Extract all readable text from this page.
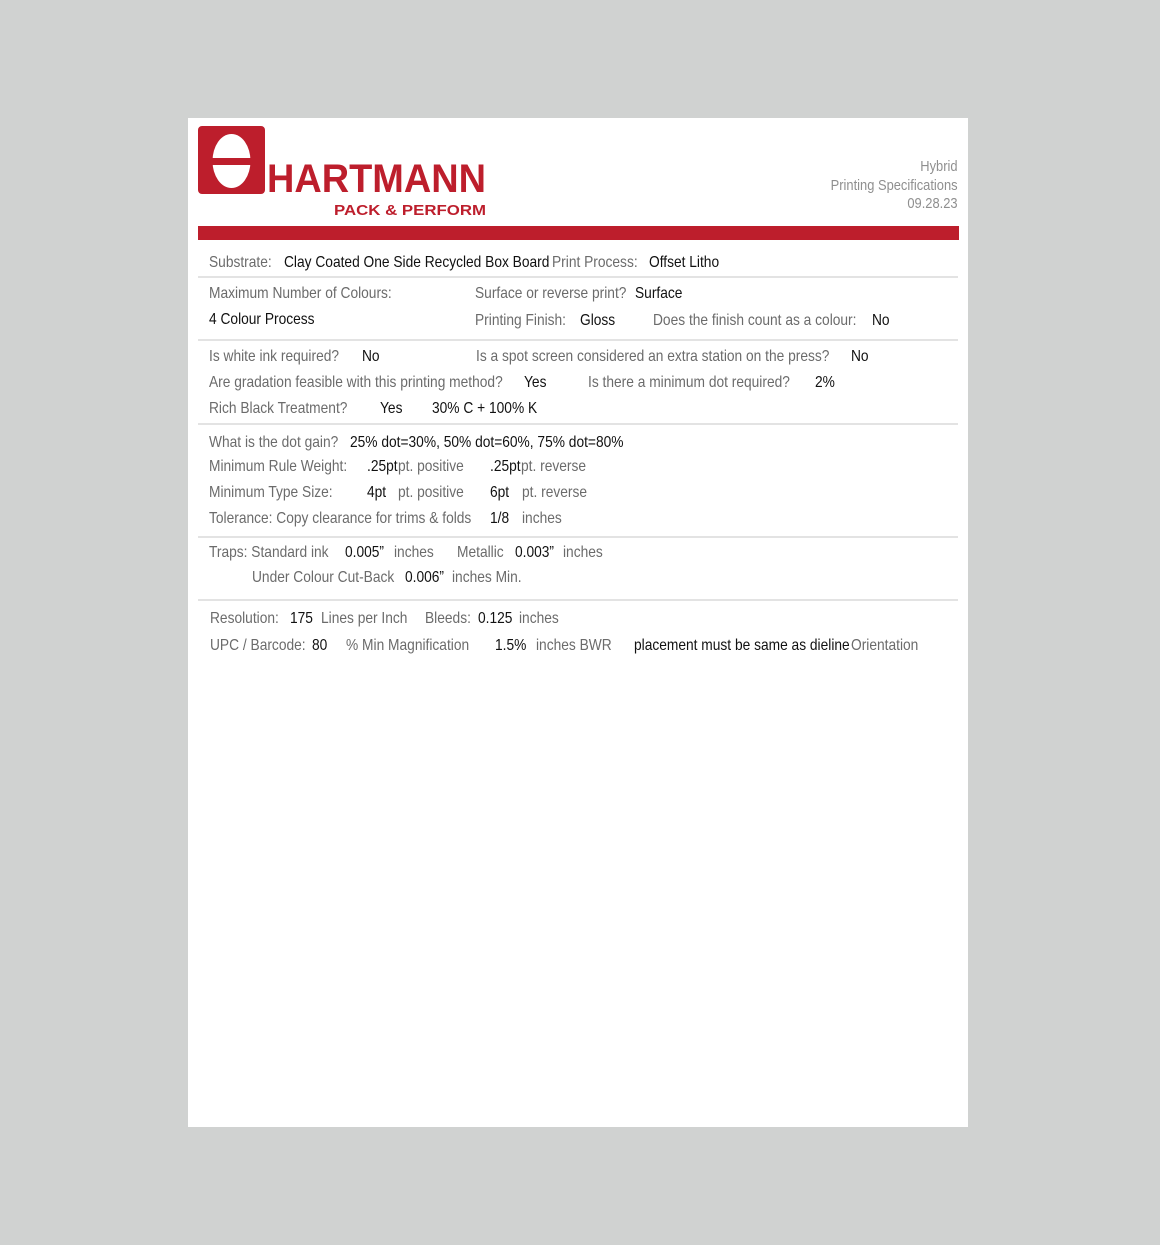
HARTMANN
PACK & PERFORM
Hybrid
Printing Specifications
09.28.23
Substrate: Clay Coated One Side Recycled Box Board Print Process: Offset Litho
Maximum Number of Colours:	Surface or reverse print? Surface
4 Colour Process	Printing Finish: Gloss Does the finish count as a colour: No
Is white ink required? No	Is a spot screen considered an extra station on the press? No
Are gradation feasible with this printing method? Yes	Is there a minimum dot required? 2%
Rich Black Treatment? Yes 30% C + 100% K
What is the dot gain? 25% dot=30%, 50% dot=60%, 75% dot=80%
Minimum Rule Weight: .25pt pt. positive .25pt pt. reverse
Minimum Type Size: 4pt pt. positive 6pt pt. reverse
Tolerance: Copy clearance for trims & folds 1/8 inches
Traps: Standard ink 0.005” inches Metallic 0.003” inches
Under Colour Cut-Back 0.006” inches Min.
Resolution: 175 Lines per Inch Bleeds: 0.125 inches
UPC / Barcode: 80 % Min Magnification 1.5% inches BWR placement must be same as dieline Orientation
